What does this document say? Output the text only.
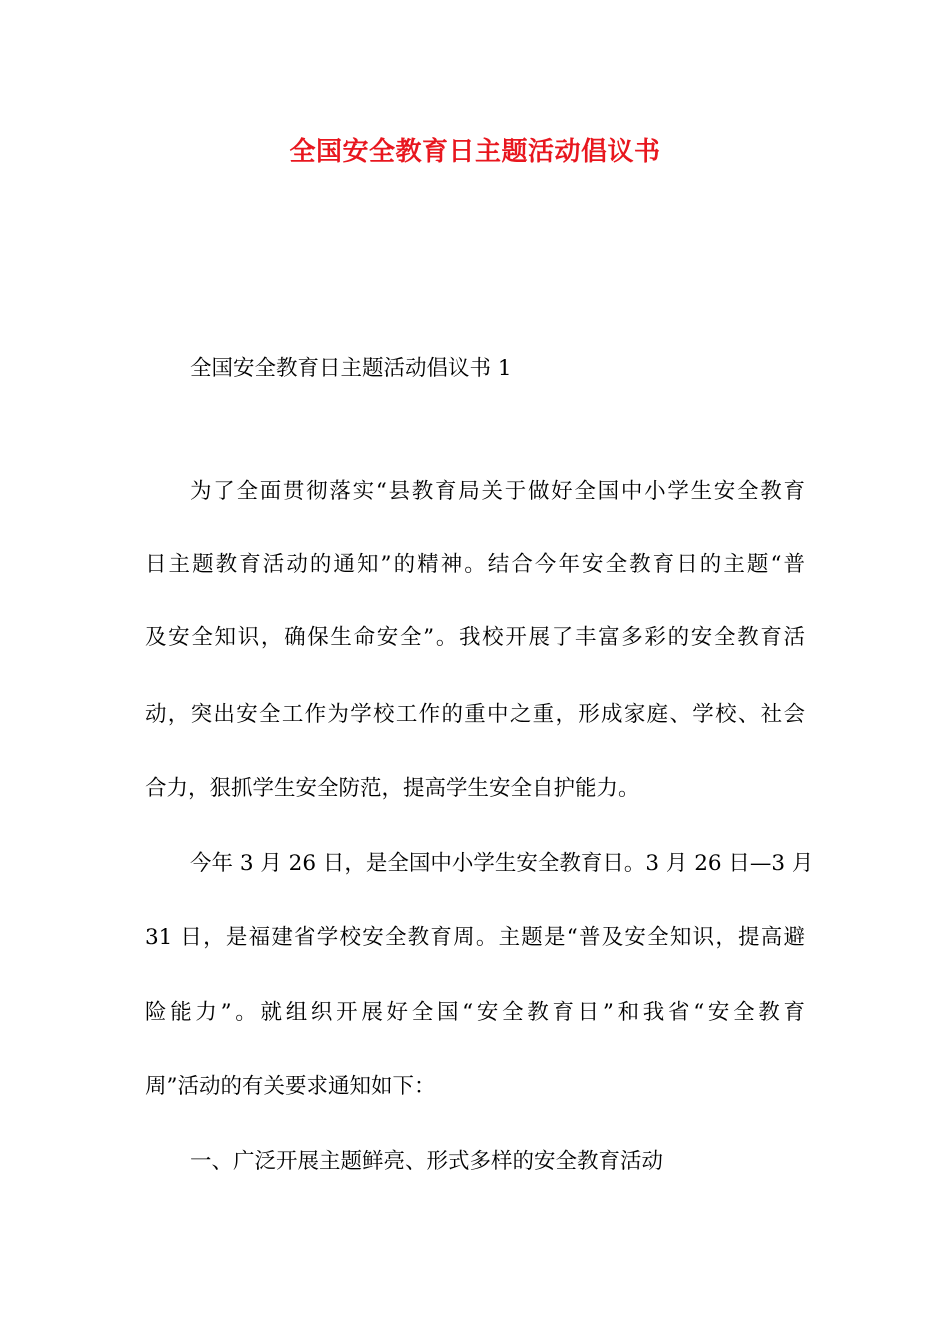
全国安全教育日主题活动倡议书

全国安全教育日主题活动倡议书 1

为了全面贯彻落实“县教育局关于做好全国中小学生安全教育

日主题教育活动的通知”的精神。结合今年安全教育日的主题“普

及安全知识，确保生命安全”。我校开展了丰富多彩的安全教育活

动，突出安全工作为学校工作的重中之重，形成家庭、学校、社会

合力，狠抓学生安全防范，提高学生安全自护能力。

今年 3 月 26 日，是全国中小学生安全教育日。3 月 26 日—3 月

31 日，是福建省学校安全教育周。主题是“普及安全知识，提高避

险能力”。就组织开展好全国“安全教育日”和我省“安全教育

周”活动的有关要求通知如下：

一、广泛开展主题鲜亮、形式多样的安全教育活动
